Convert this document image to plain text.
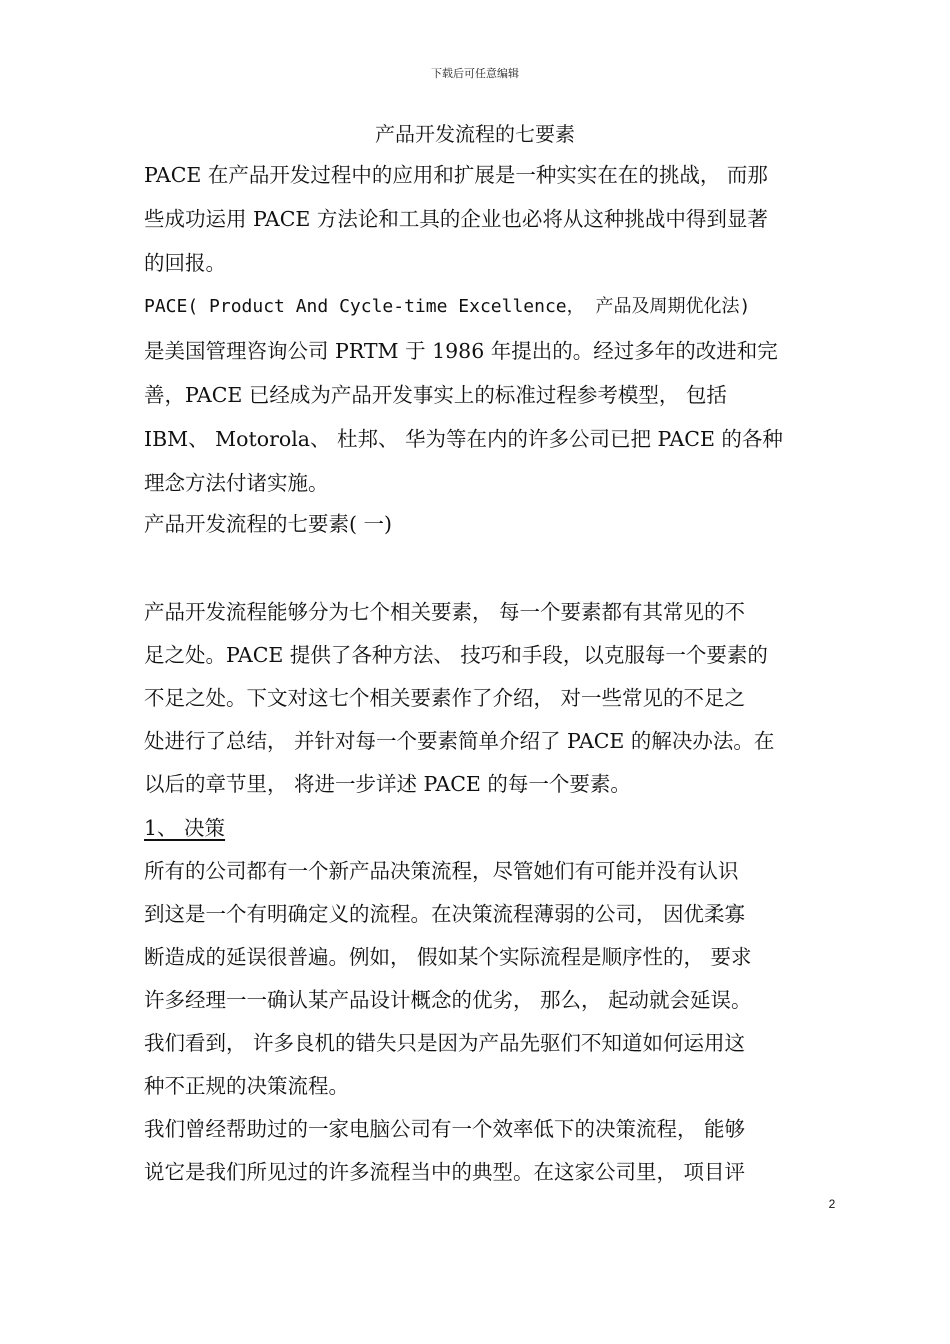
下载后可任意编辑
产品开发流程的七要素
PACE 在产品开发过程中的应用和扩展是一种实实在在的挑战， 而那
些成功运用 PACE 方法论和工具的企业也必将从这种挑战中得到显著
的回报。
PACE( Product And Cycle-time Excellence， 产品及周期优化法)
是美国管理咨询公司 PRTM 于 1986 年提出的。经过多年的改进和完
善，PACE 已经成为产品开发事实上的标准过程参考模型， 包括
IBM、 Motorola、 杜邦、 华为等在内的许多公司已把 PACE 的各种
理念方法付诸实施。
产品开发流程的七要素( 一)
产品开发流程能够分为七个相关要素， 每一个要素都有其常见的不
足之处。PACE 提供了各种方法、 技巧和手段，以克服每一个要素的
不足之处。下文对这七个相关要素作了介绍， 对一些常见的不足之
处进行了总结， 并针对每一个要素简单介绍了 PACE 的解决办法。在
以后的章节里， 将进一步详述 PACE 的每一个要素。
1、 决策
所有的公司都有一个新产品决策流程，尽管她们有可能并没有认识
到这是一个有明确定义的流程。在决策流程薄弱的公司， 因优柔寡
断造成的延误很普遍。例如， 假如某个实际流程是顺序性的， 要求
许多经理一一确认某产品设计概念的优劣， 那么， 起动就会延误。
我们看到， 许多良机的错失只是因为产品先驱们不知道如何运用这
种不正规的决策流程。
我们曾经帮助过的一家电脑公司有一个效率低下的决策流程， 能够
说它是我们所见过的许多流程当中的典型。在这家公司里， 项目评
2
